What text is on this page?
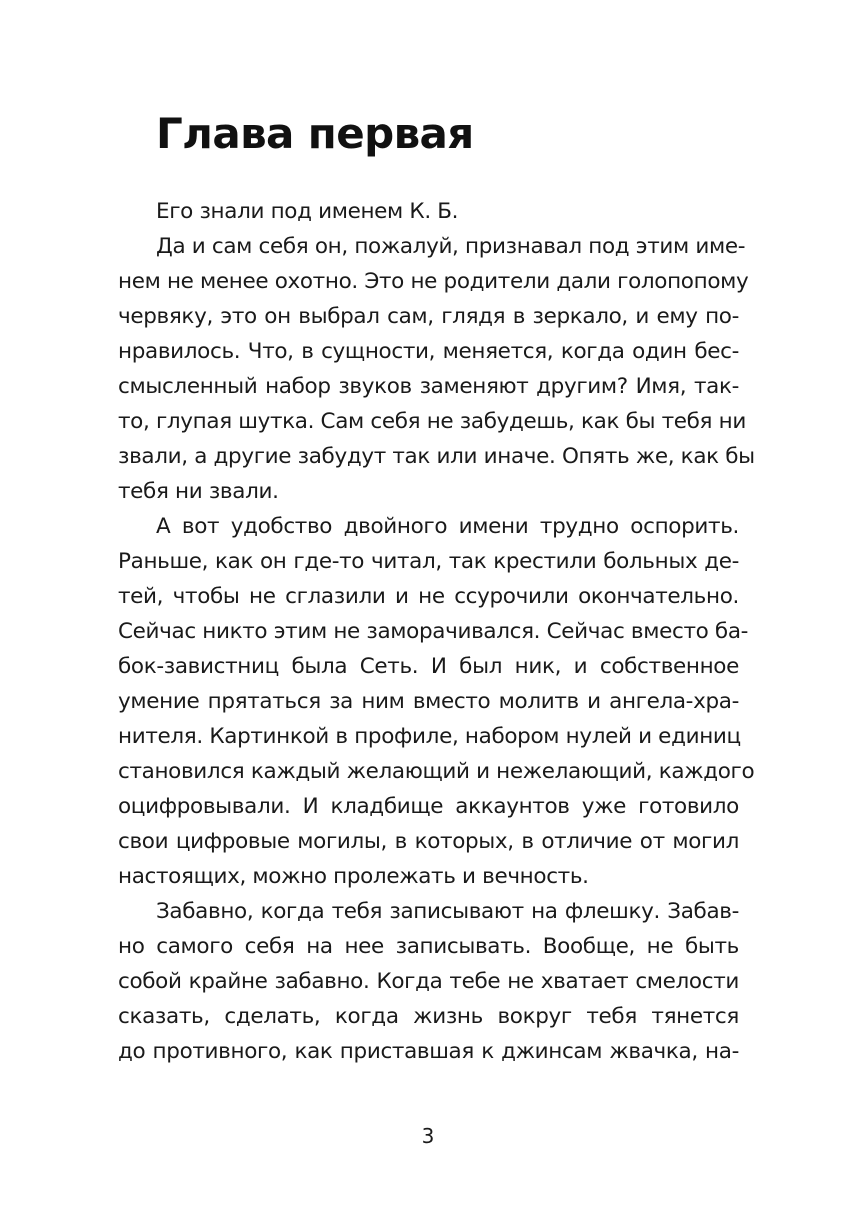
Глава первая
Его знали под именем К. Б.
Да и сам себя он, пожалуй, признавал под этим име-
нем не менее охотно. Это не родители дали голопопому
червяку, это он выбрал сам, глядя в зеркало, и ему по-
нравилось. Что, в сущности, меняется, когда один бес-
смысленный набор звуков заменяют другим? Имя, так-
то, глупая шутка. Сам себя не забудешь, как бы тебя ни
звали, а другие забудут так или иначе. Опять же, как бы
тебя ни звали.
А вот удобство двойного имени трудно оспорить.
Раньше, как он где-то читал, так крестили больных де-
тей, чтобы не сглазили и не ссурочили окончательно.
Сейчас никто этим не заморачивался. Сейчас вместо ба-
бок-завистниц была Сеть. И был ник, и собственное
умение прятаться за ним вместо молитв и ангела-хра-
нителя. Картинкой в профиле, набором нулей и единиц
становился каждый желающий и нежелающий, каждого
оцифровывали. И кладбище аккаунтов уже готовило
свои цифровые могилы, в которых, в отличие от могил
настоящих, можно пролежать и вечность.
Забавно, когда тебя записывают на флешку. Забав-
но самого себя на нее записывать. Вообще, не быть
собой крайне забавно. Когда тебе не хватает смелости
сказать, сделать, когда жизнь вокруг тебя тянется
до противного, как приставшая к джинсам жвачка, на-
3
